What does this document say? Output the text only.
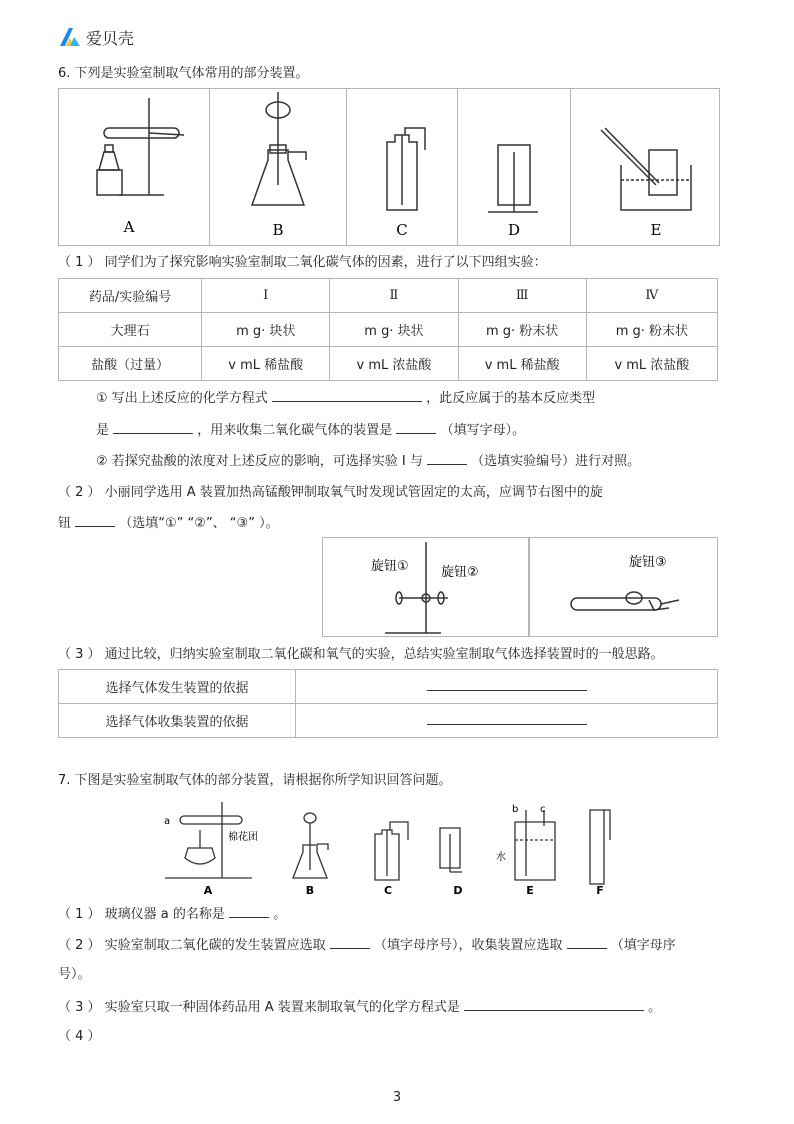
爱贝壳
6. 下列是实验室制取气体常用的部分装置。
A	B	C	D	E
（ 1 ） 同学们为了探究影响实验室制取二氧化碳气体的因素，进行了以下四组实验：
药品/实验编号	Ⅰ	Ⅱ	Ⅲ	Ⅳ
大理石	m g· 块状	m g· 块状	m g· 粉末状	m g· 粉末状
盐酸（过量）	v mL 稀盐酸	v mL 浓盐酸	v mL 稀盐酸	v mL 浓盐酸
① 写出上述反应的化学方程式	，此反应属于的基本反应类型
是	，用来收集二氧化碳气体的装置是	（填写字母）。
② 若探究盐酸的浓度对上述反应的影响，可选择实验 I 与	（选填实验编号）进行对照。
（ 2 ） 小丽同学选用 A 装置加热高锰酸钾制取氧气时发现试管固定的太高，应调节右图中的旋
钮	（选填“①” “②”、 “③” ）。
旋钮① 旋钮②
旋钮③
（ 3 ） 通过比较，归纳实验室制取二氧化碳和氧气的实验，总结实验室制取气体选择装置时的一般思路。
选择气体发生装置的依据	
选择气体收集装置的依据	
7. 下图是实验室制取气体的部分装置，请根据你所学知识回答问题。
A	B	C	D	E	F
a
棉花团
b c
水
（ 1 ） 玻璃仪器 a 的名称是	。
（ 2 ） 实验室制取二氧化碳的发生装置应选取	（填字母序号），收集装置应选取	（填字母序
号）。
（ 3 ） 实验室只取一种固体药品用 A 装置来制取氧气的化学方程式是	。
（ 4 ）
3
